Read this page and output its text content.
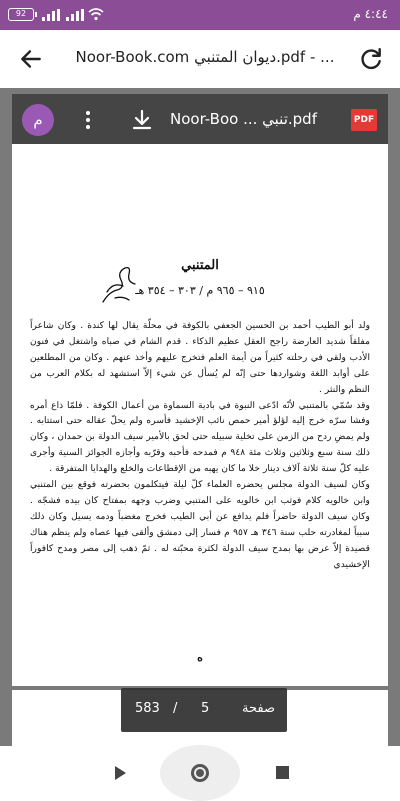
92	٤:٤٤ م
Noor-Book.com ديوان المتنبي.pdf - ...
م	Noor-Boo ... تنبي.pdf	PDF
المتنبي
٩١٥ – ٩٦٥ م / ٣٠٣ – ٣٥٤ هـ

ولد أبو الطيب أحمد بن الحسين الجعفي بالكوفة في محلّة يقال لها كندة . وكان شاعراً مفلقاً شديد العارضة راجح العقل عظيم الذكاء . قدم الشام في صباه واشتغل في فنون الأدب ولقي في رحلته كثيراً من أيمة العلم فتخرج عليهم وأخذ عنهم . وكان من المطلعين على أوابد اللغة وشواردها حتى إنّه لم يُسأل عن شيء إلاّ استشهد له بكلام العرب من النظم والنثر .

وقد سُمّي بالمتنبي لأنّه ادّعى النبوة في بادية السماوة من أعمال الكوفة . فلمّا ذاع أمره وفشا سرّه خرج إليه لؤلؤ أمير حمص نائب الإخشيد فأسره ولم يحلّ عقاله حتى استتابه . ولم يمضِ ردح من الزمن على تخلية سبيله حتى لحق بالأمير سيف الدولة بن حمدان ، وكان ذلك سنة سبع وثلاثين وثلاث مئة ٩٤٨ م فمدحه فأحبه وقرّبه وأجازه الجوائز السنية وأجرى عليه كلّ سنة ثلاثة آلاف دينار خلا ما كان يهبه من الإقطاعات والخلع والهدايا المتفرقة .

وكان لسيف الدولة مجلس يحضره العلماء كلّ ليلة فيتكلمون بحضرته فوقع بين المتنبي وابن خالويه كلام فوثب ابن خالويه على المتنبي وضرب وجهه بمفتاح كان بيده فشجّه . وكان سيف الدولة حاضراً فلم يدافع عن أبي الطيب فخرج مغضباً ودمه يسيل وكان ذلك سبباً لمغادرته حلب سنة ٣٤٦ هـ ٩٥٧ م فسار إلى دمشق وألقى فيها عصاه ولم ينظم هناك قصيدة إلاّ عرض بها بمدح سيف الدولة لكثرة محبّته له . ثمّ ذهب إلى مصر ومدح كافوراً الإخشيدي

ه
583 / 5	صفحة
